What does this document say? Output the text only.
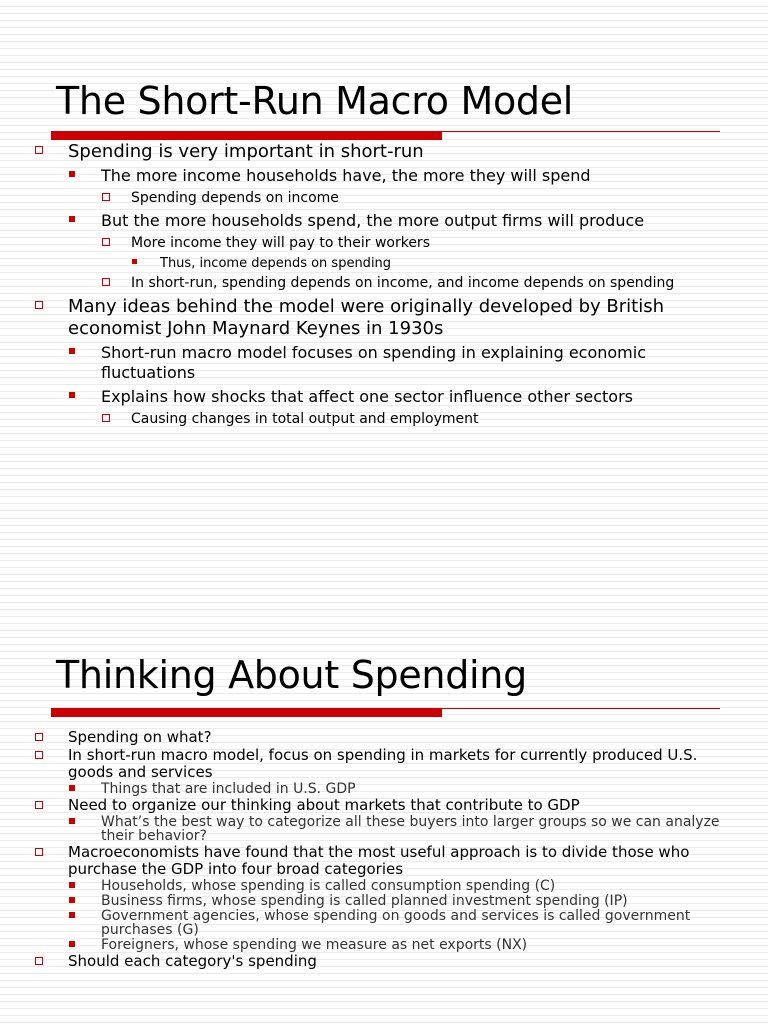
The Short-Run Macro Model
Spending is very important in short-run
The more income households have, the more they will spend
Spending depends on income
But the more households spend, the more output firms will produce
More income they will pay to their workers
Thus, income depends on spending
In short-run, spending depends on income, and income depends on spending
Many ideas behind the model were originally developed by British economist John Maynard Keynes in 1930s
Short-run macro model focuses on spending in explaining economic fluctuations
Explains how shocks that affect one sector influence other sectors
Causing changes in total output and employment
Thinking About Spending
Spending on what?
In short-run macro model, focus on spending in markets for currently produced U.S. goods and services
Things that are included in U.S. GDP
Need to organize our thinking about markets that contribute to GDP
What’s the best way to categorize all these buyers into larger groups so we can analyze their behavior?
Macroeconomists have found that the most useful approach is to divide those who purchase the GDP into four broad categories
Households, whose spending is called consumption spending (C)
Business firms, whose spending is called planned investment spending (IP)
Government agencies, whose spending on goods and services is called government purchases (G)
Foreigners, whose spending we measure as net exports (NX)
Should each category's spending
